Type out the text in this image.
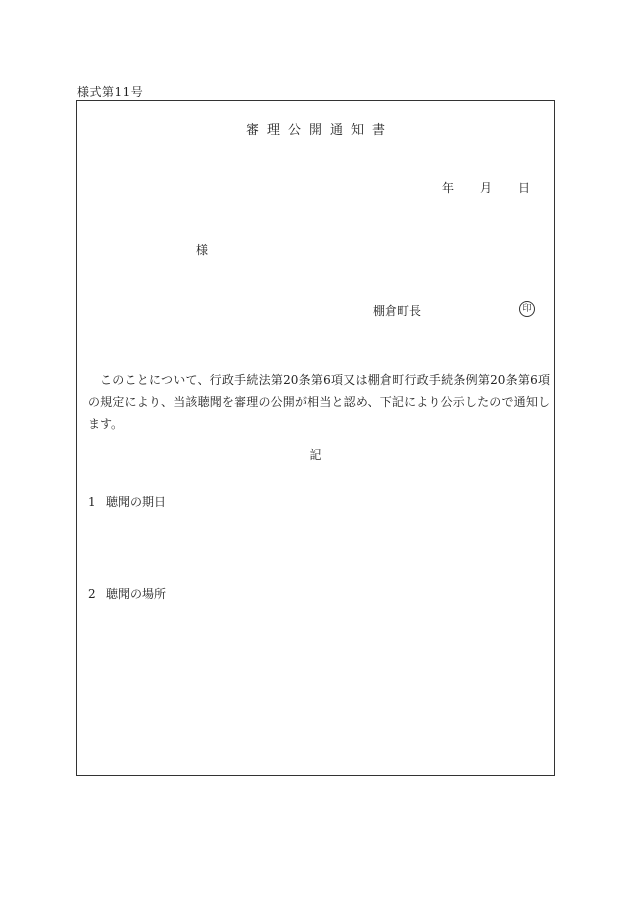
様式第11号
審理公開通知書
年 月 日
様
棚倉町長	印
このことについて、行政手続法第20条第6項又は棚倉町行政手続条例第20条第6項の規定により、当該聴聞を審理の公開が相当と認め、下記により公示したので通知します。
記
1 聴聞の期日
2 聴聞の場所
